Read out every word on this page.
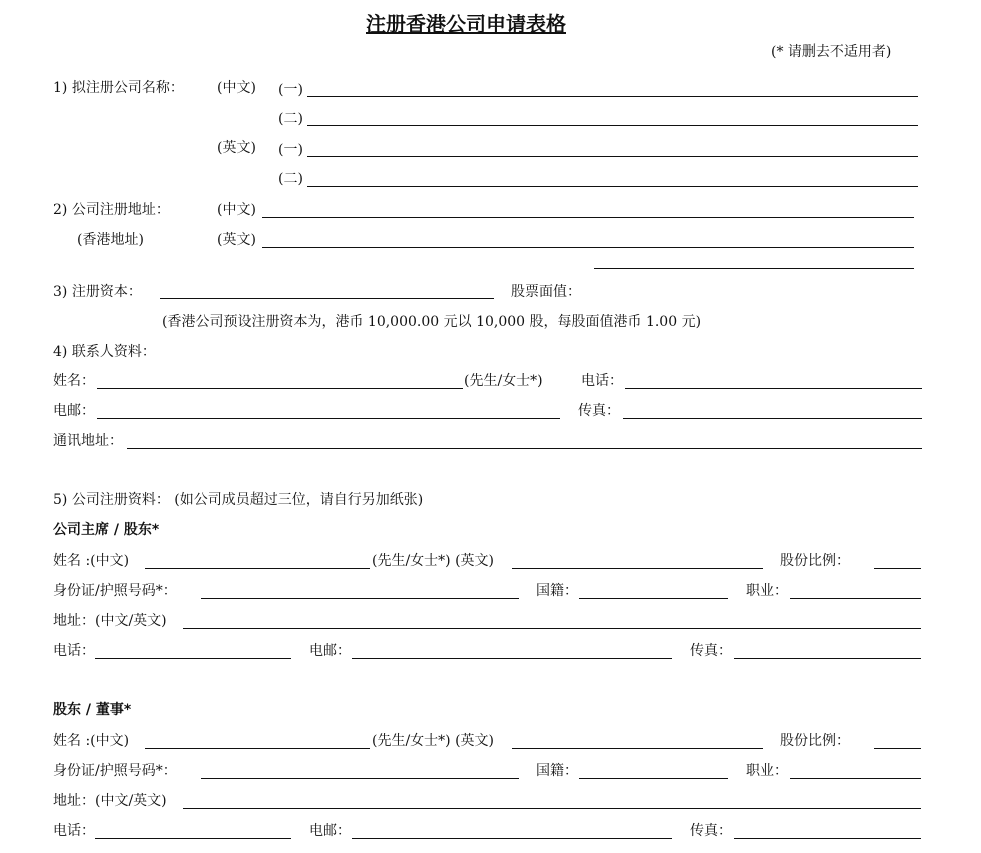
注册香港公司申请表格
(* 请删去不适用者)
1) 拟注册公司名称： (中文) (一)
(二)
(英文) (一)
(二)
2) 公司注册地址：	(中文)
(香港地址)	(英文)
3) 注册资本：	股票面值：
(香港公司预设注册资本为，港币 10,000.00 元以 10,000 股，每股面值港币 1.00 元)
4) 联系人资料：
姓名：	(先生/女士*)	电话：
电邮：	传真：
通讯地址：
5) 公司注册资料： (如公司成员超过三位，请自行另加纸张)
公司主席 / 股东*
姓名 :(中文)	(先生/女士*) (英文)	股份比例：
身份证/护照号码*：	国籍：	职业：
地址：(中文/英文)
电话：	电邮：	传真：
股东 / 董事*
姓名 :(中文)	(先生/女士*) (英文)	股份比例：
身份证/护照号码*：	国籍：	职业：
地址：(中文/英文)
电话：	电邮：	传真：
